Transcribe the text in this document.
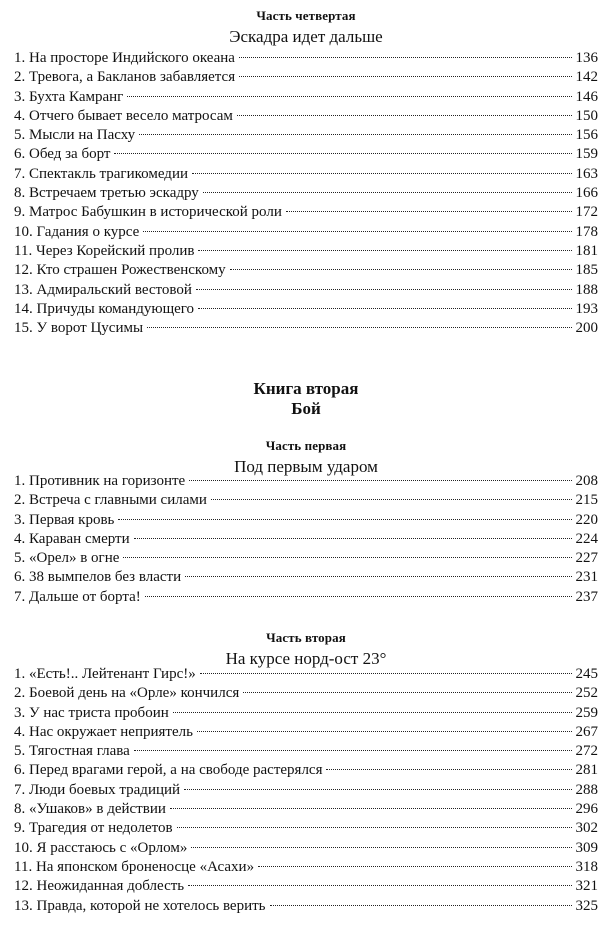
Часть четвертая
Эскадра идет дальше
1. На просторе Индийского океана	136
2. Тревога, а Бакланов забавляется	142
3. Бухта Камранг	146
4. Отчего бывает весело матросам	150
5. Мысли на Пасху	156
6. Обед за борт	159
7. Спектакль трагикомедии	163
8. Встречаем третью эскадру	166
9. Матрос Бабушкин в исторической роли	172
10. Гадания о курсе	178
11. Через Корейский пролив	181
12. Кто страшен Рожественскому	185
13. Адмиральский вестовой	188
14. Причуды командующего	193
15. У ворот Цусимы	200
Книга вторая
Бой
Часть первая
Под первым ударом
1. Противник на горизонте	208
2. Встреча с главными силами	215
3. Первая кровь	220
4. Караван смерти	224
5. «Орел» в огне	227
6. 38 вымпелов без власти	231
7. Дальше от борта!	237
Часть вторая
На курсе норд-ост 23°
1. «Есть!.. Лейтенант Гирс!»	245
2. Боевой день на «Орле» кончился	252
3. У нас триста пробоин	259
4. Нас окружает неприятель	267
5. Тягостная глава	272
6. Перед врагами герой, а на свободе растерялся	281
7. Люди боевых традиций	288
8. «Ушаков» в действии	296
9. Трагедия от недолетов	302
10. Я расстаюсь с «Орлом»	309
11. На японском броненосце «Асахи»	318
12. Неожиданная доблесть	321
13. Правда, которой не хотелось верить	325
